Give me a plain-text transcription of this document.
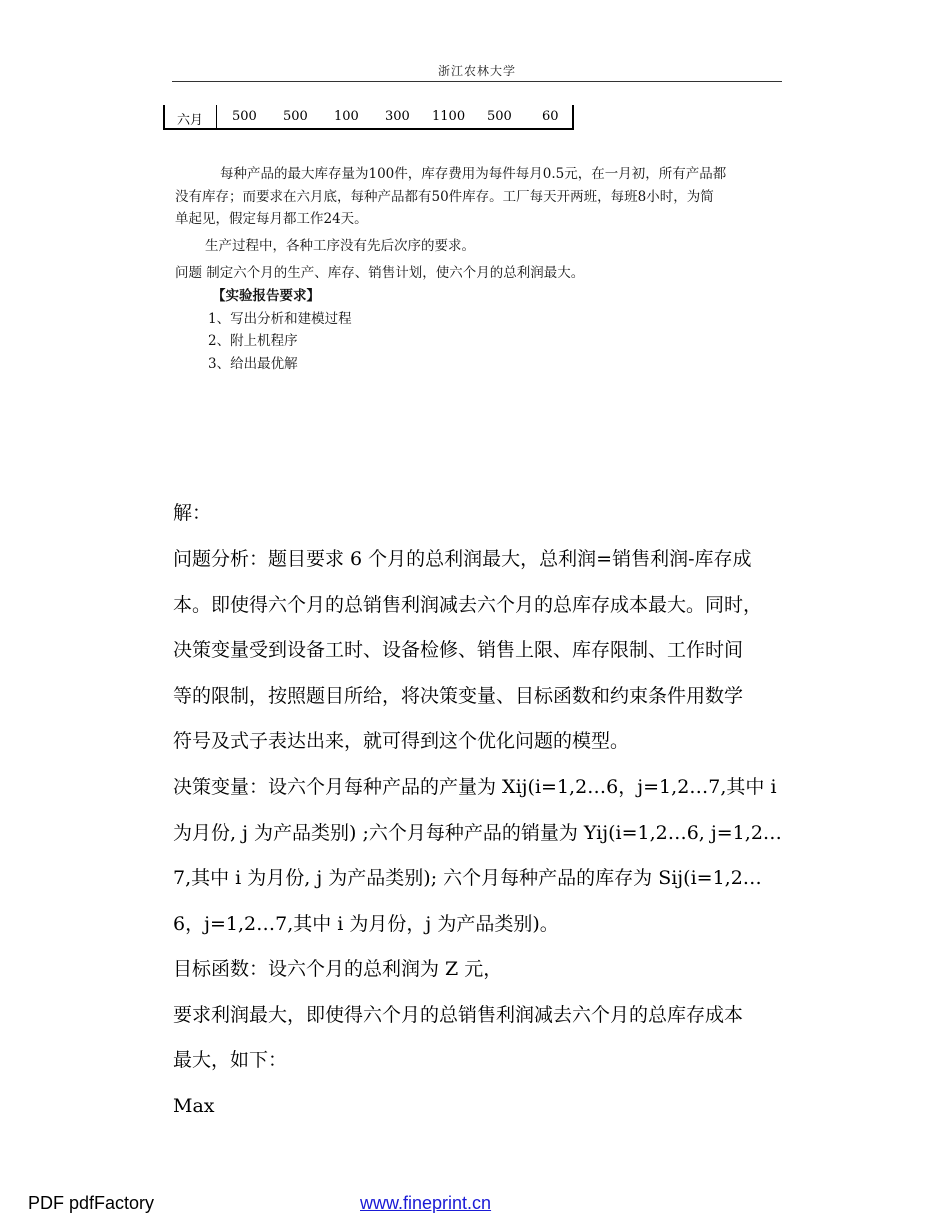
浙江农林大学
六月 500 500 100 300 1100 500 60
每种产品的最大库存量为100件，库存费用为每件每月0.5元，在一月初，所有产品都
没有库存；而要求在六月底，每种产品都有50件库存。工厂每天开两班，每班8小时，为简
单起见，假定每月都工作24天。
生产过程中，各种工序没有先后次序的要求。
问题 制定六个月的生产、库存、销售计划，使六个月的总利润最大。
【实验报告要求】
1、写出分析和建模过程
2、附上机程序
3、给出最优解
解：
问题分析：题目要求 6 个月的总利润最大，总利润=销售利润-库存成
本。即使得六个月的总销售利润减去六个月的总库存成本最大。同时，
决策变量受到设备工时、设备检修、销售上限、库存限制、工作时间
等的限制，按照题目所给，将决策变量、目标函数和约束条件用数学
符号及式子表达出来，就可得到这个优化问题的模型。
决策变量：设六个月每种产品的产量为 Xij(i=1,2…6，j=1,2…7,其中 i
为月份, j 为产品类别) ;六个月每种产品的销量为 Yij(i=1,2…6, j=1,2…
7,其中 i 为月份, j 为产品类别); 六个月每种产品的库存为 Sij(i=1,2…
6，j=1,2…7,其中 i 为月份，j 为产品类别)。
目标函数：设六个月的总利润为 Z 元，
要求利润最大，即使得六个月的总销售利润减去六个月的总库存成本
最大，如下：
Max
PDF pdfFactory	www.fineprint.cn
